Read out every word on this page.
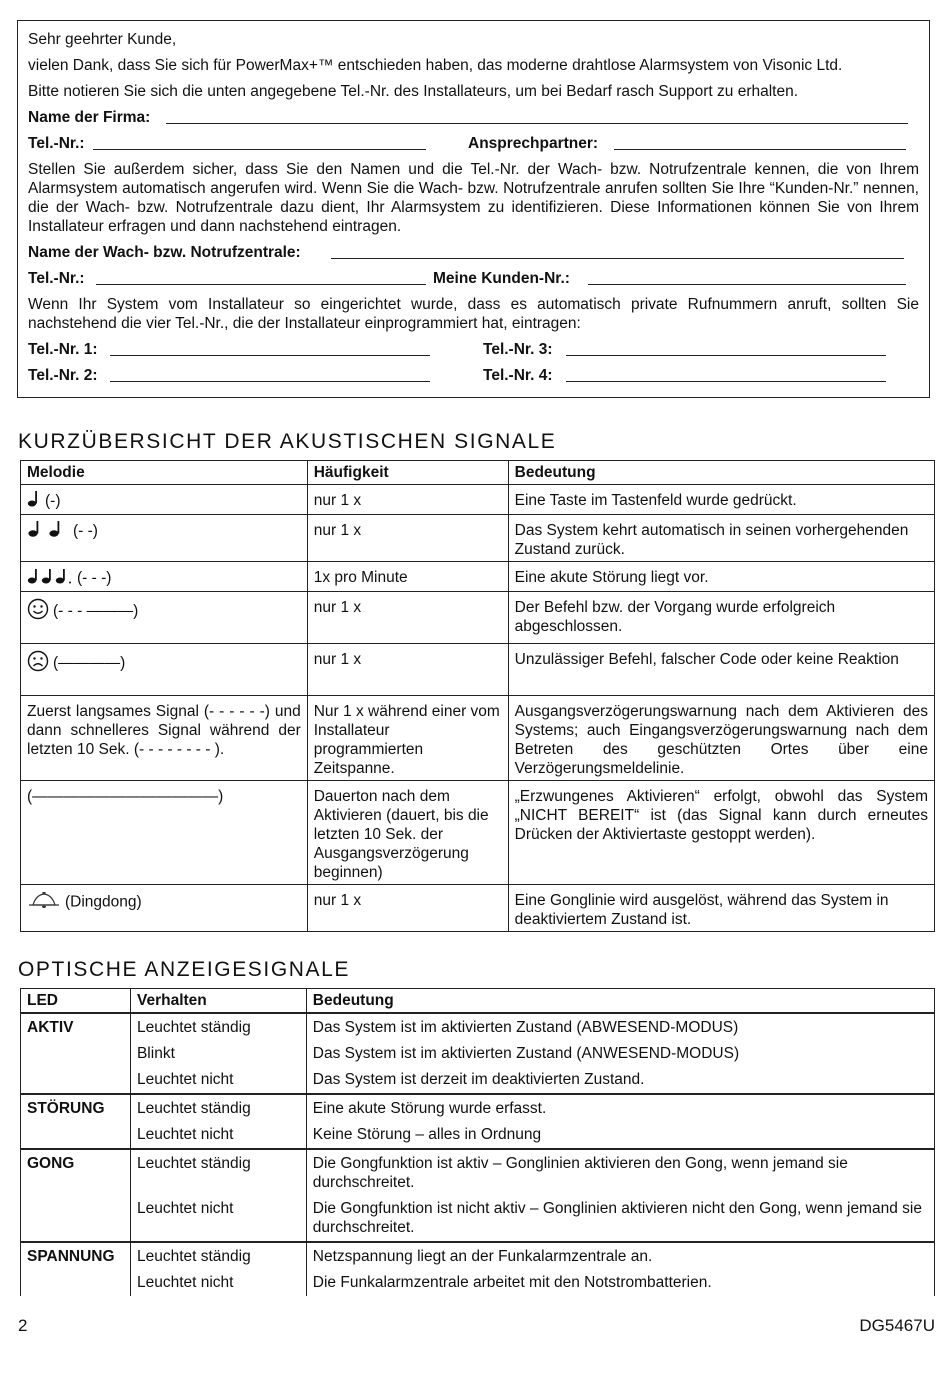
Sehr geehrter Kunde,

vielen Dank, dass Sie sich für PowerMax+™ entschieden haben, das moderne drahtlose Alarmsystem von Visonic Ltd.

Bitte notieren Sie sich die unten angegebene Tel.-Nr. des Installateurs, um bei Bedarf rasch Support zu erhalten.

Name der Firma:
Tel.-Nr.:	Ansprechpartner:

Stellen Sie außerdem sicher, dass Sie den Namen und die Tel.-Nr. der Wach- bzw. Notrufzentrale kennen, die von Ihrem Alarmsystem automatisch angerufen wird. Wenn Sie die Wach- bzw. Notrufzentrale anrufen sollten Sie Ihre “Kunden-Nr.” nennen, die der Wach- bzw. Notrufzentrale dazu dient, Ihr Alarmsystem zu identifizieren. Diese Informationen können Sie von Ihrem Installateur erfragen und dann nachstehend eintragen.

Name der Wach- bzw. Notrufzentrale:
Tel.-Nr.:	Meine Kunden-Nr.:

Wenn Ihr System vom Installateur so eingerichtet wurde, dass es automatisch private Rufnummern anruft, sollten Sie nachstehend die vier Tel.-Nr., die der Installateur einprogrammiert hat, eintragen:

Tel.-Nr. 1:	Tel.-Nr. 3:
Tel.-Nr. 2:	Tel.-Nr. 4:
KURZÜBERSICHT DER AKUSTISCHEN SIGNALE
Melodie	Häufigkeit	Bedeutung
(-)	nur 1 x	Eine Taste im Tastenfeld wurde gedrückt.
(- -)	nur 1 x	Das System kehrt automatisch in seinen vorhergehenden Zustand zurück.
(- - -)	1x pro Minute	Eine akute Störung liegt vor.
(- - - ———)	nur 1 x	Der Befehl bzw. der Vorgang wurde erfolgreich abgeschlossen.
(————)	nur 1 x	Unzulässiger Befehl, falscher Code oder keine Reaktion
Zuerst langsames Signal (- - - - - -) und dann schnelleres Signal während der letzten 10 Sek. (- - - - - - - - ).	Nur 1 x während einer vom Installateur programmierten Zeitspanne.	Ausgangsverzögerungswarnung nach dem Aktivieren des Systems; auch Eingangsverzögerungswarnung nach dem Betreten des geschützten Ortes über eine Verzögerungsmeldelinie.
(————————————)	Dauerton nach dem Aktivieren (dauert, bis die letzten 10 Sek. der Ausgangsverzögerung beginnen)	„Erzwungenes Aktivieren“ erfolgt, obwohl das System „NICHT BEREIT“ ist (das Signal kann durch erneutes Drücken der Aktiviertaste gestoppt werden).
(Dingdong)	nur 1 x	Eine Gonglinie wird ausgelöst, während das System in deaktiviertem Zustand ist.
OPTISCHE ANZEIGESIGNALE
LED	Verhalten	Bedeutung
AKTIV	Leuchtet ständig	Das System ist im aktivierten Zustand (ABWESEND-MODUS)
	Blinkt	Das System ist im aktivierten Zustand (ANWESEND-MODUS)
	Leuchtet nicht	Das System ist derzeit im deaktivierten Zustand.
STÖRUNG	Leuchtet ständig	Eine akute Störung wurde erfasst.
	Leuchtet nicht	Keine Störung – alles in Ordnung
GONG	Leuchtet ständig	Die Gongfunktion ist aktiv – Gonglinien aktivieren den Gong, wenn jemand sie durchschreitet.
	Leuchtet nicht	Die Gongfunktion ist nicht aktiv – Gonglinien aktivieren nicht den Gong, wenn jemand sie durchschreitet.
SPANNUNG	Leuchtet ständig	Netzspannung liegt an der Funkalarmzentrale an.
	Leuchtet nicht	Die Funkalarmzentrale arbeitet mit den Notstrombatterien.
2	DG5467U
